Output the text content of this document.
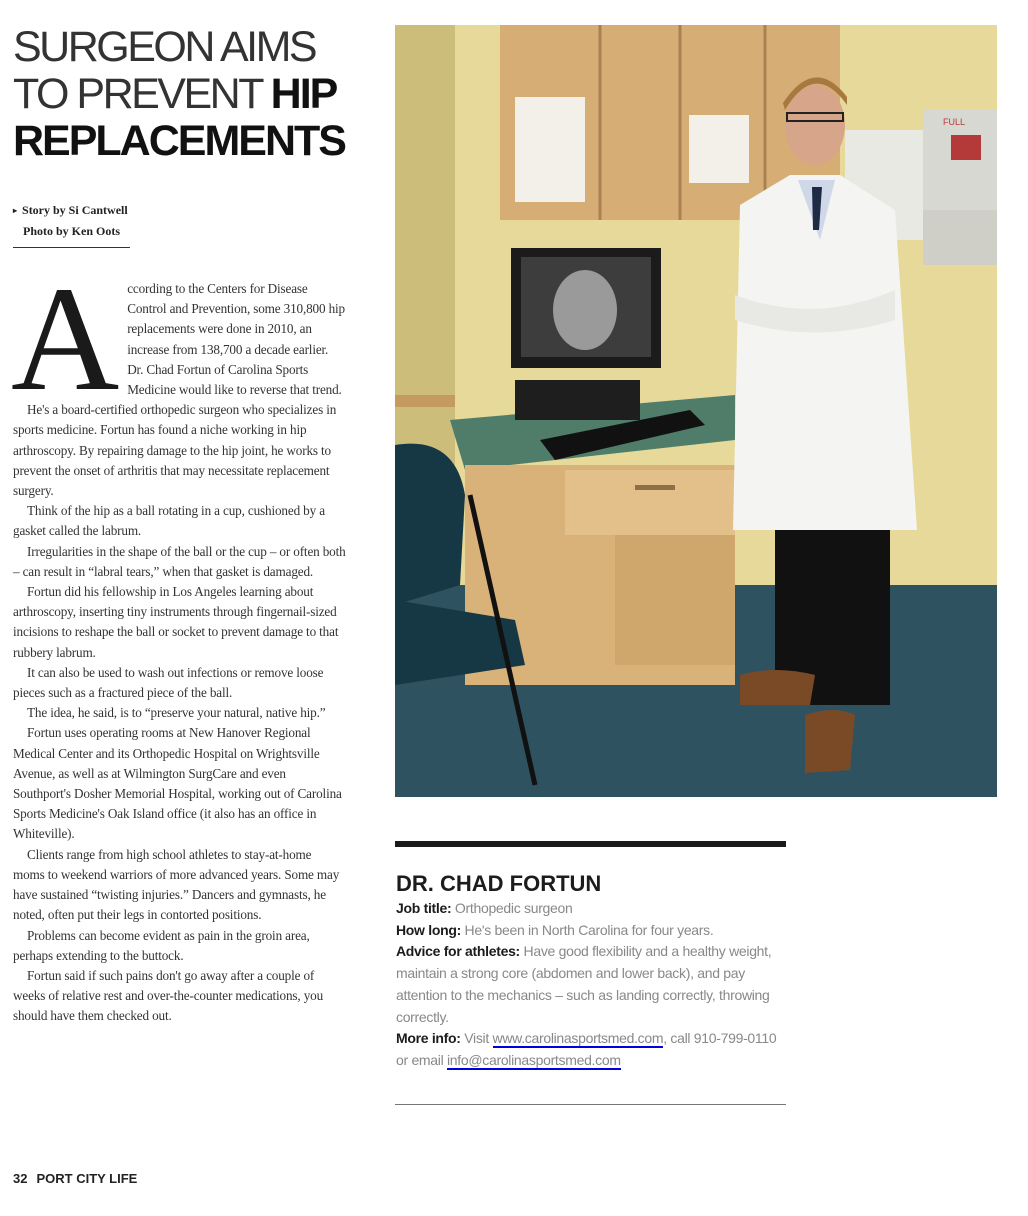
SURGEON AIMS
TO PREVENT HIP
REPLACEMENTS
▸ Story by Si Cantwell
Photo by Ken Oots

According to the Centers for Disease Control and Prevention, some 310,800 hip replacements were done in 2010, an increase from 138,700 a decade earlier. Dr. Chad Fortun of Carolina Sports Medicine would like to reverse that trend.

He's a board-certified orthopedic surgeon who specializes in sports medicine. Fortun has found a niche working in hip arthroscopy. By repairing damage to the hip joint, he works to prevent the onset of arthritis that may necessitate replacement surgery.

Think of the hip as a ball rotating in a cup, cushioned by a gasket called the labrum.

Irregularities in the shape of the ball or the cup – or often both – can result in “labral tears,” when that gasket is damaged.

Fortun did his fellowship in Los Angeles learning about arthroscopy, inserting tiny instruments through fingernail-sized incisions to reshape the ball or socket to prevent damage to that rubbery labrum.

It can also be used to wash out infections or remove loose pieces such as a fractured piece of the ball.

The idea, he said, is to “preserve your natural, native hip.”

Fortun uses operating rooms at New Hanover Regional Medical Center and its Orthopedic Hospital on Wrightsville Avenue, as well as at Wilmington SurgCare and even Southport's Dosher Memorial Hospital, working out of Carolina Sports Medicine's Oak Island office (it also has an office in Whiteville).

Clients range from high school athletes to stay-at-home moms to weekend warriors of more advanced years. Some may have sustained “twisting injuries.” Dancers and gymnasts, he noted, often put their legs in contorted positions.

Problems can become evident as pain in the groin area, perhaps extending to the buttock.

Fortun said if such pains don't go away after a couple of weeks of relative rest and over-the-counter medications, you should have them checked out.

FULL
DR. CHAD FORTUN
Job title: Orthopedic surgeon
How long: He's been in North Carolina for four years.
Advice for athletes: Have good flexibility and a healthy weight, maintain a strong core (abdomen and lower back), and pay attention to the mechanics – such as landing correctly, throwing correctly.
More info: Visit www.carolinasportsmed.com, call 910-799-0110 or email info@carolinasportsmed.com
32 PORT CITY LIFE
